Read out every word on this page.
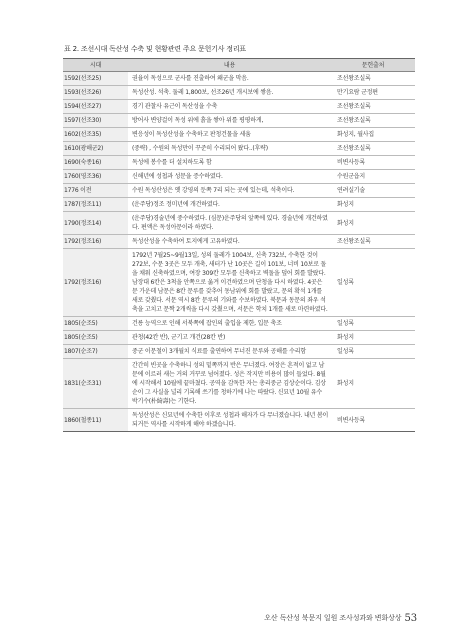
표 2. 조선시대 독산성 수축 및 현황관련 주요 문헌기사 정리표
시대	내용	문헌출처
1592(선조25)	권율이 독성으로 군사를 진출하여 왜군을 막음.	조선왕조실록
1593(선조26)	독성산성. 석축. 둘레 1,800보, 선조26년 개시보에 쌓음.	만기요람 군정편
1594(선조27)	경기 관찰사 유근이 독산성을 수축	조선왕조실록
1597(선조30)	방어사 변양걸이 독성 위에 흙을 쌓아 위를 평평하게,	조선왕조실록
1602(선조35)	변응성이 독성산성을 수축하고 판청건물을 세움	화성지, 월사집
1610(광해군2)	(중략) , 수원의 독성만이 꾸준히 수리되어 왔다..(후략)	조선왕조실록
1690(숙종16)	독성에 봉수를 더 설치하도록 함	비변사등록
1760(영조36)	신해년에 성첩과 성문을 증수하였다.	수원군읍지
1776 이전	수원 독성산성은 옛 강영의 둔쪽 7리 되는 곳에 있는데, 석축이다.	연려실기술
1787(정조11)	(운주당)정조 정미년에 개건하였다.	화성지
1790(정조14)	(운주당)경술년에 중수하였다. (심문)운주당의 앞쪽에 있다. 경술년에 개건하였다. 편액은 독성아문이라 하였다.	화성지
1792(정조16)	독성산성을 수축하여 토지에게 고유하였다.	조선왕조실록
1792(정조16)	1792년 7월25~9월13일, 성의 둘레가 1004보, 신축 732보, 수축한 것이 272보, 수문 3곳은 모두 개축, 새터가 난 10곳은 길이 101보, 너비 10보로 돌을 채워 신축하였으며, 여장 309칸 모두를 신축하고 벽돌을 덮어 회를 발랐다. 남장대 6칸은 3척을 안쪽으로 옮겨 이건하였으며 단청을 다시 하였다. 4곳은 문 가운데 남문은 8칸 문루를 갖추어 동남위에 회를 발랐고, 문의 확석 1개를 새로 갖췄다. 서문 역시 8칸 문루의 기와를 수보하였다. 북문과 동문의 좌우 석축을 고치고 문짝 2개씩을 다시 갖췄으며, 서문은 학치 1개를 새로 마련하였다.	일성록
1805(순조5)	건릉 능역으로 인해 서북쪽에 잡인의 출입을 제한, 입문 축조	일성록
1805(순조5)	관청(42칸 반), 군기고 개건(28칸 반)	화성지
1807(순조7)	중군 이문철이 3개월치 식료를 출연하여 무너진 문루와 공해를 수리함	일성록
1831(순조31)	간간히 빈곳을 수축하니 성의 밑쪽까지 반은 무너졌다. 여장은 흔적이 없고 남문에 이르러 새는 거의 거꾸로 넘어졌다. 성은 작지만 비용이 많이 들었다. 8월에 시작해서 10월에 끝마쳤다. 공역을 감독한 자는 총리중군 김상순이다. 김상순이 그 사실을 널리 기록해 쓰기를 청하기에 나는 따랐다. 신묘년 10월 유수 박기수(朴綺壽)는 기한다.	화성지
1860(철종11)	독성산성은 신묘년에 수축한 이후로 성첩과 해자가 다 무너졌습니다. 내년 봄이 되거든 역사를 시작하게 해야 하겠습니다.	비변사등록
오산 독산성 북문지 일원 조사성과와 변화상상 53
